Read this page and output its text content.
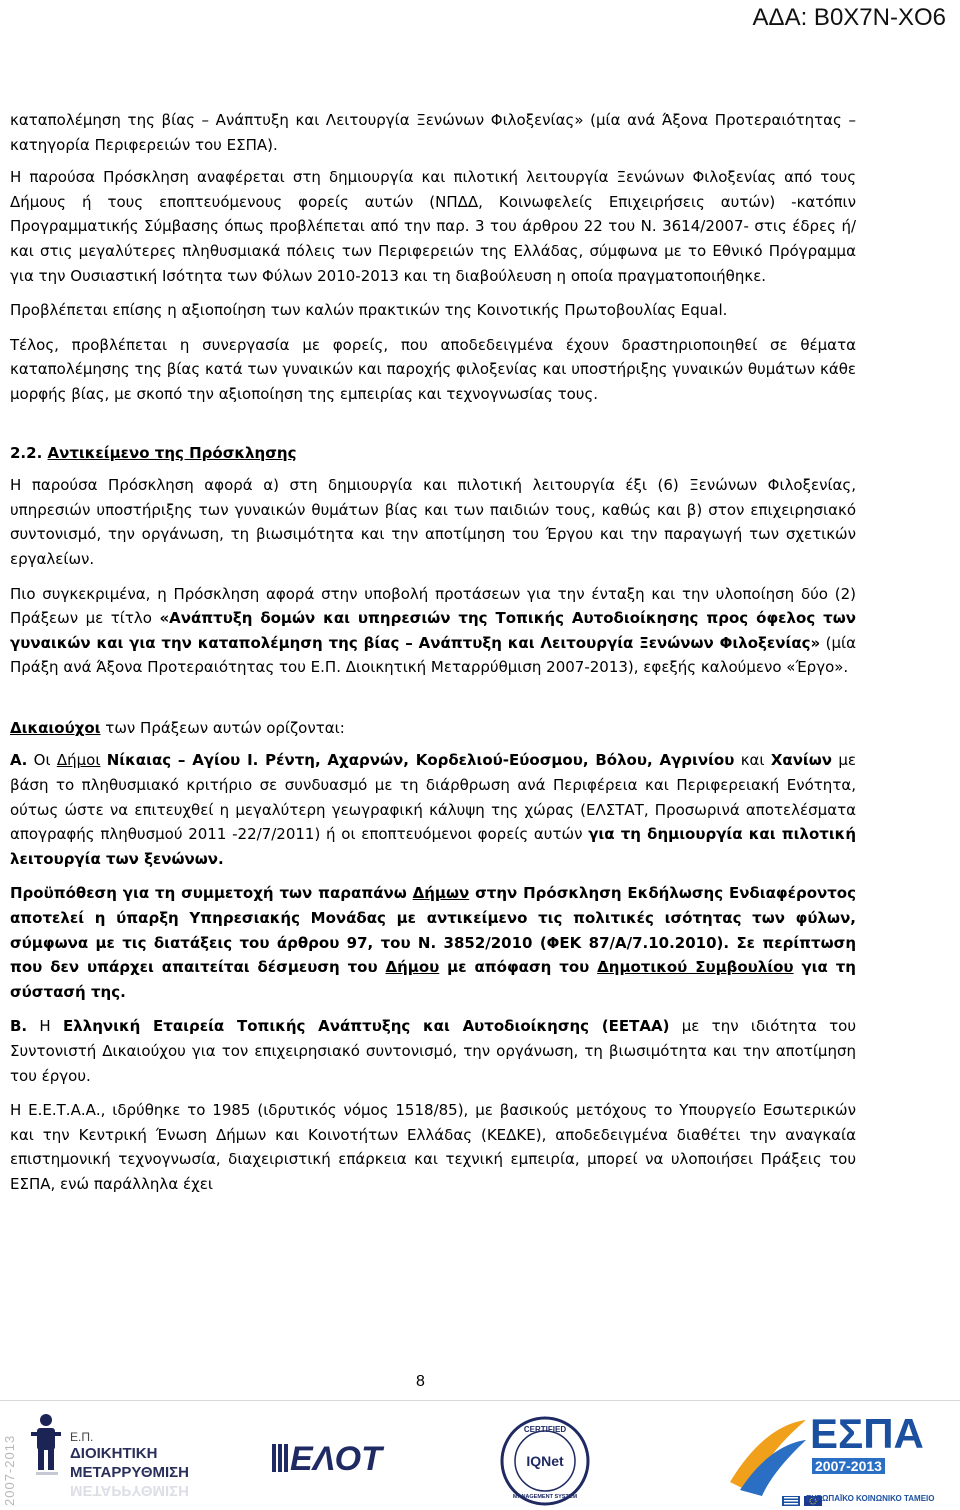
ΑΔΑ: Β0Χ7Ν-ΧΟ6

καταπολέμηση της βίας – Ανάπτυξη και Λειτουργία Ξενώνων Φιλοξενίας» (μία ανά Άξονα Προτεραιότητας – κατηγορία Περιφερειών του ΕΣΠΑ).

Η παρούσα Πρόσκληση αναφέρεται στη δημιουργία και πιλοτική λειτουργία Ξενώνων Φιλοξενίας από τους Δήμους ή τους εποπτευόμενους φορείς αυτών (ΝΠΔΔ, Κοινωφελείς Επιχειρήσεις αυτών) -κατόπιν Προγραμματικής Σύμβασης όπως προβλέπεται από την παρ. 3 του άρθρου 22 του Ν. 3614/2007- στις έδρες ή/και στις μεγαλύτερες πληθυσμιακά πόλεις των Περιφερειών της Ελλάδας, σύμφωνα με το Εθνικό Πρόγραμμα για την Ουσιαστική Ισότητα των Φύλων 2010-2013 και τη διαβούλευση η οποία πραγματοποιήθηκε.

Προβλέπεται επίσης η αξιοποίηση των καλών πρακτικών της Κοινοτικής Πρωτοβουλίας Equal.

Τέλος, προβλέπεται η συνεργασία με φορείς, που αποδεδειγμένα έχουν δραστηριοποιηθεί σε θέματα καταπολέμησης της βίας κατά των γυναικών και παροχής φιλοξενίας και υποστήριξης γυναικών θυμάτων κάθε μορφής βίας, με σκοπό την αξιοποίηση της εμπειρίας και τεχνογνωσίας τους.

2.2. Αντικείμενο της Πρόσκλησης

Η παρούσα Πρόσκληση αφορά α) στη δημιουργία και πιλοτική λειτουργία έξι (6) Ξενώνων Φιλοξενίας, υπηρεσιών υποστήριξης των γυναικών θυμάτων βίας και των παιδιών τους, καθώς και β) στον επιχειρησιακό συντονισμό, την οργάνωση, τη βιωσιμότητα και την αποτίμηση του Έργου και την παραγωγή των σχετικών εργαλείων.

Πιο συγκεκριμένα, η Πρόσκληση αφορά στην υποβολή προτάσεων για την ένταξη και την υλοποίηση δύο (2) Πράξεων με τίτλο «Ανάπτυξη δομών και υπηρεσιών της Τοπικής Αυτοδιοίκησης προς όφελος των γυναικών και για την καταπολέμηση της βίας – Ανάπτυξη και Λειτουργία Ξενώνων Φιλοξενίας» (μία Πράξη ανά Άξονα Προτεραιότητας του Ε.Π. Διοικητική Μεταρρύθμιση 2007-2013), εφεξής καλούμενο «Έργο».

Δικαιούχοι των Πράξεων αυτών ορίζονται:

Α. Οι Δήμοι Νίκαιας – Αγίου Ι. Ρέντη, Αχαρνών, Κορδελιού-Εύοσμου, Βόλου, Αγρινίου και Χανίων με βάση το πληθυσμιακό κριτήριο σε συνδυασμό με τη διάρθρωση ανά Περιφέρεια και Περιφερειακή Ενότητα, ούτως ώστε να επιτευχθεί η μεγαλύτερη γεωγραφική κάλυψη της χώρας (ΕΛΣΤΑΤ, Προσωρινά αποτελέσματα απογραφής πληθυσμού 2011 -22/7/2011) ή οι εποπτευόμενοι φορείς αυτών για τη δημιουργία και πιλοτική λειτουργία των ξενώνων.

Προϋπόθεση για τη συμμετοχή των παραπάνω Δήμων στην Πρόσκληση Εκδήλωσης Ενδιαφέροντος αποτελεί η ύπαρξη Υπηρεσιακής Μονάδας με αντικείμενο τις πολιτικές ισότητας των φύλων, σύμφωνα με τις διατάξεις του άρθρου 97, του Ν. 3852/2010 (ΦΕΚ 87/Α/7.10.2010). Σε περίπτωση που δεν υπάρχει απαιτείται δέσμευση του Δήμου με απόφαση του Δημοτικού Συμβουλίου για τη σύστασή της.

Β. Η Ελληνική Εταιρεία Τοπικής Ανάπτυξης και Αυτοδιοίκησης (ΕΕΤΑΑ) με την ιδιότητα του Συντονιστή Δικαιούχου για τον επιχειρησιακό συντονισμό, την οργάνωση, τη βιωσιμότητα και την αποτίμηση του έργου.

Η Ε.Ε.Τ.Α.Α., ιδρύθηκε το 1985 (ιδρυτικός νόμος 1518/85), με βασικούς μετόχους το Υπουργείο Εσωτερικών και την Κεντρική Ένωση Δήμων και Κοινοτήτων Ελλάδας (ΚΕΔΚΕ), αποδεδειγμένα διαθέτει την αναγκαία επιστημονική τεχνογνωσία, διαχειριστική επάρκεια και τεχνική εμπειρία, μπορεί να υλοποιήσει Πράξεις του ΕΣΠΑ, ενώ παράλληλα έχει

8
2007-2013	Ε.Π.
ΔΙΟΙΚΗΤΙΚΗ
ΜΕΤΑΡΡΥΘΜΙΣΗ
ΜΕΤΑΡΡΥΘΜΙΣΗ
ΕΛΟΤ
CERTIFIED
IQNet
MANAGEMENT SYSTEM
ΕΣΠΑ
2007-2013
ΕΥΡΩΠΑΪΚΟ ΚΟΙΝΩΝΙΚΟ ΤΑΜΕΙΟ
